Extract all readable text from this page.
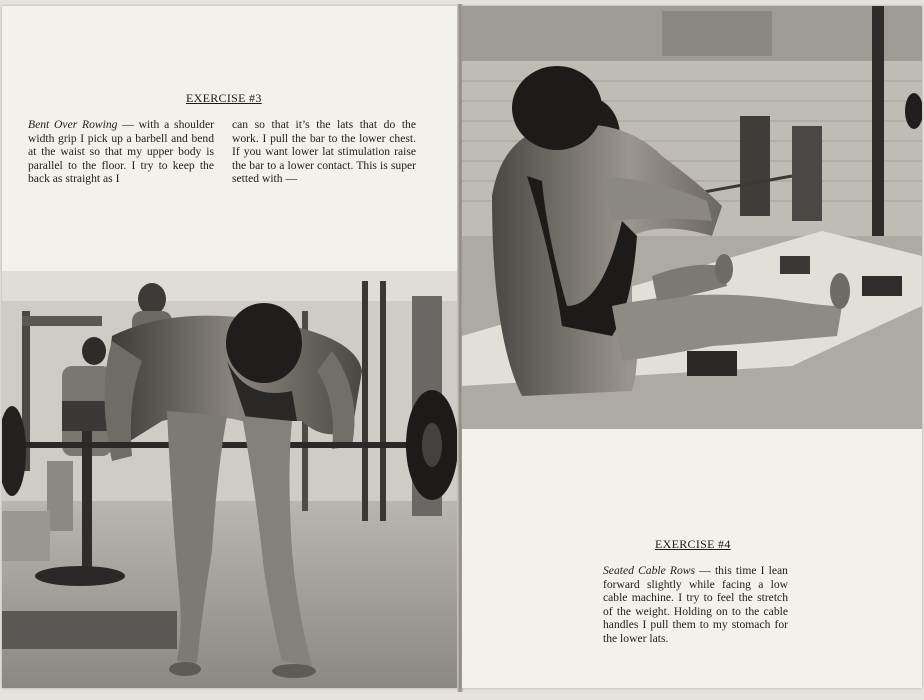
EXERCISE #3
Bent Over Rowing — with a shoulder width grip I pick up a barbell and bend at the waist so that my upper body is parallel to the floor. I try to keep the back as straight as I
can so that it’s the lats that do the work. I pull the bar to the lower chest. If you want lower lat stimulation raise the bar to a lower contact. This is super setted with —
EXERCISE #4
Seated Cable Rows — this time I lean forward slightly while facing a low cable machine. I try to feel the stretch of the weight. Holding on to the cable handles I pull them to my stomach for the lower lats.
